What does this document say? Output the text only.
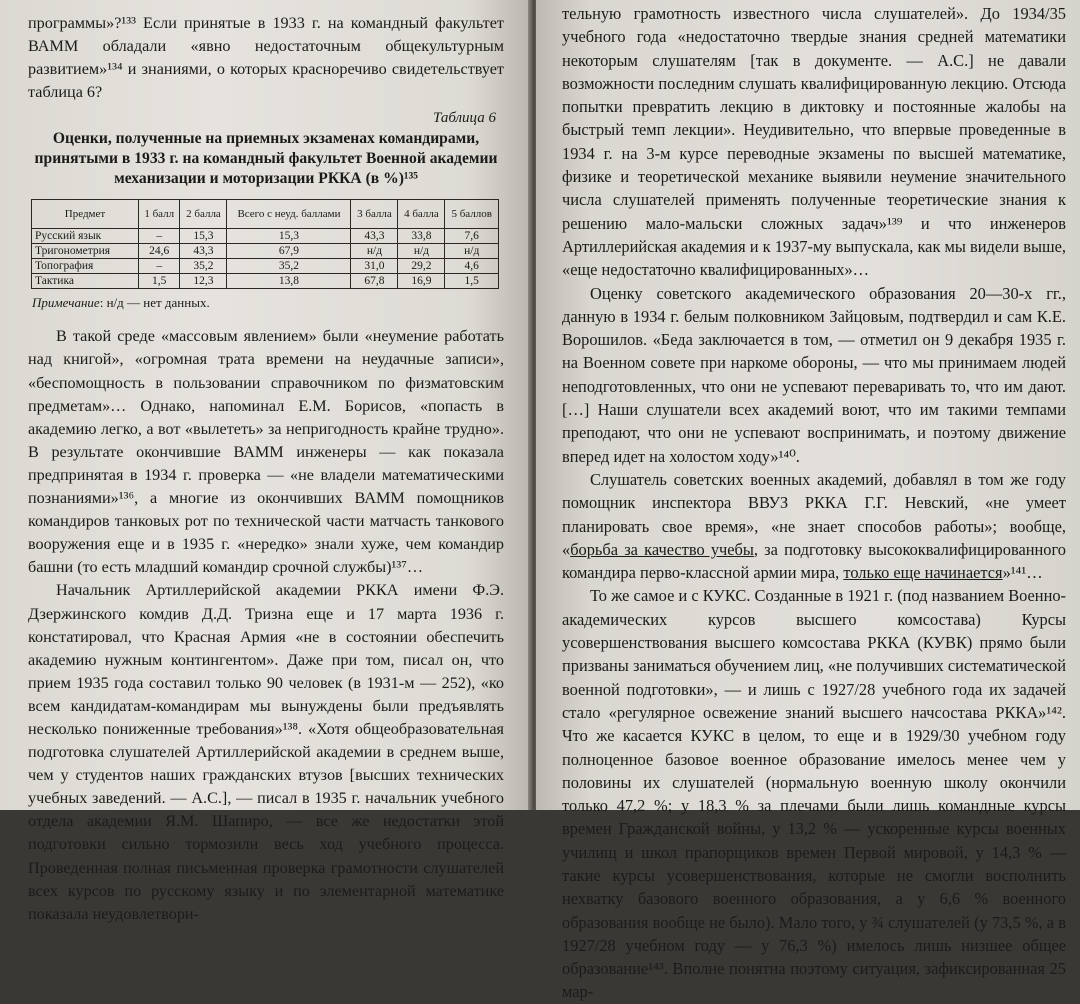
программы»?¹³³ Если принятые в 1933 г. на командный факультет ВАММ обладали «явно недостаточным общекультурным развитием»¹³⁴ и знаниями, о которых красноречиво свидетельствует таблица 6?

Таблица 6
Оценки, полученные на приемных экзаменах командирами, принятыми в 1933 г. на командный факультет Военной академии механизации и моторизации РККА (в %)¹³⁵
Предмет	1 балл	2 балла	Всего с неуд. баллами	3 балла	4 балла	5 баллов
Русский язык	–	15,3	15,3	43,3	33,8	7,6
Тригонометрия	24,6	43,3	67,9	н/д	н/д	н/д
Топография	–	35,2	35,2	31,0	29,2	4,6
Тактика	1,5	12,3	13,8	67,8	16,9	1,5
Примечание: н/д — нет данных.

В такой среде «массовым явлением» были «неумение работать над книгой», «огромная трата времени на неудачные записи», «беспомощность в пользовании справочником по физматовским предметам»… Однако, напоминал Е.М. Борисов, «попасть в академию легко, а вот «вылететь» за непригодность крайне трудно». В результате окончившие ВАММ инженеры — как показала предпринятая в 1934 г. проверка — «не владели математическими познаниями»¹³⁶, а многие из окончивших ВАММ помощников командиров танковых рот по технической части матчасть танкового вооружения еще и в 1935 г. «нередко» знали хуже, чем командир башни (то есть младший командир срочной службы)¹³⁷…

Начальник Артиллерийской академии РККА имени Ф.Э. Дзержинского комдив Д.Д. Тризна еще и 17 марта 1936 г. констатировал, что Красная Армия «не в состоянии обеспечить академию нужным контингентом». Даже при том, писал он, что прием 1935 года составил только 90 человек (в 1931-м — 252), «ко всем кандидатам-командирам мы вынуждены были предъявлять несколько пониженные требования»¹³⁸. «Хотя общеобразовательная подготовка слушателей Артиллерийской академии в среднем выше, чем у студентов наших гражданских втузов [высших технических учебных заведений. — А.С.], — писал в 1935 г. начальник учебного отдела академии Я.М. Шапиро, — все же недостатки этой подготовки сильно тормозили весь ход учебного процесса. Проведенная полная письменная проверка грамотности слушателей всех курсов по русскому языку и по элементарной математике показала неудовлетвори-

тельную грамотность известного числа слушателей». До 1934/35 учебного года «недостаточно твердые знания средней математики некоторым слушателям [так в документе. — А.С.] не давали возможности последним слушать квалифицированную лекцию. Отсюда попытки превратить лекцию в диктовку и постоянные жалобы на быстрый темп лекции». Неудивительно, что впервые проведенные в 1934 г. на 3-м курсе переводные экзамены по высшей математике, физике и теоретической механике выявили неумение значительного числа слушателей применять полученные теоретические знания к решению мало-мальски сложных задач»¹³⁹ и что инженеров Артиллерийская академия и к 1937-му выпускала, как мы видели выше, «еще недостаточно квалифицированных»…

Оценку советского академического образования 20—30-х гг., данную в 1934 г. белым полковником Зайцовым, подтвердил и сам К.Е. Ворошилов. «Беда заключается в том, — отметил он 9 декабря 1935 г. на Военном совете при наркоме обороны, — что мы принимаем людей неподготовленных, что они не успевают переваривать то, что им дают. […] Наши слушатели всех академий воют, что им такими темпами преподают, что они не успевают воспринимать, и поэтому движение вперед идет на холостом ходу»¹⁴⁰.

Слушатель советских военных академий, добавлял в том же году помощник инспектора ВВУЗ РККА Г.Г. Невский, «не умеет планировать свое время», «не знает способов работы»; вообще, «борьба за качество учебы, за подготовку высококвалифицированного командира перво-классной армии мира, только еще начинается»¹⁴¹…

То же самое и с КУКС. Созданные в 1921 г. (под названием Военно-академических курсов высшего комсостава) Курсы усовершенствования высшего комсостава РККА (КУВК) прямо были призваны заниматься обучением лиц, «не получивших систематической военной подготовки», — и лишь с 1927/28 учебного года их задачей стало «регулярное освежение знаний высшего начсостава РККА»¹⁴². Что же касается КУКС в целом, то еще и в 1929/30 учебном году полноценное базовое военное образование имелось менее чем у половины их слушателей (нормальную военную школу окончили только 47,2 %; у 18,3 % за плечами были лишь командные курсы времен Гражданской войны, у 13,2 % — ускоренные курсы военных училищ и школ прапорщиков времен Первой мировой, у 14,3 % — такие курсы усовершенствования, которые не смогли восполнить нехватку базового военного образования, а у 6,6 % военного образования вообще не было). Мало того, у ¾ слушателей (у 73,5 %, а в 1927/28 учебном году — у 76,3 %) имелось лишь низшее общее образование¹⁴³. Вполне понятна поэтому ситуация, зафиксированная 25 мар-
